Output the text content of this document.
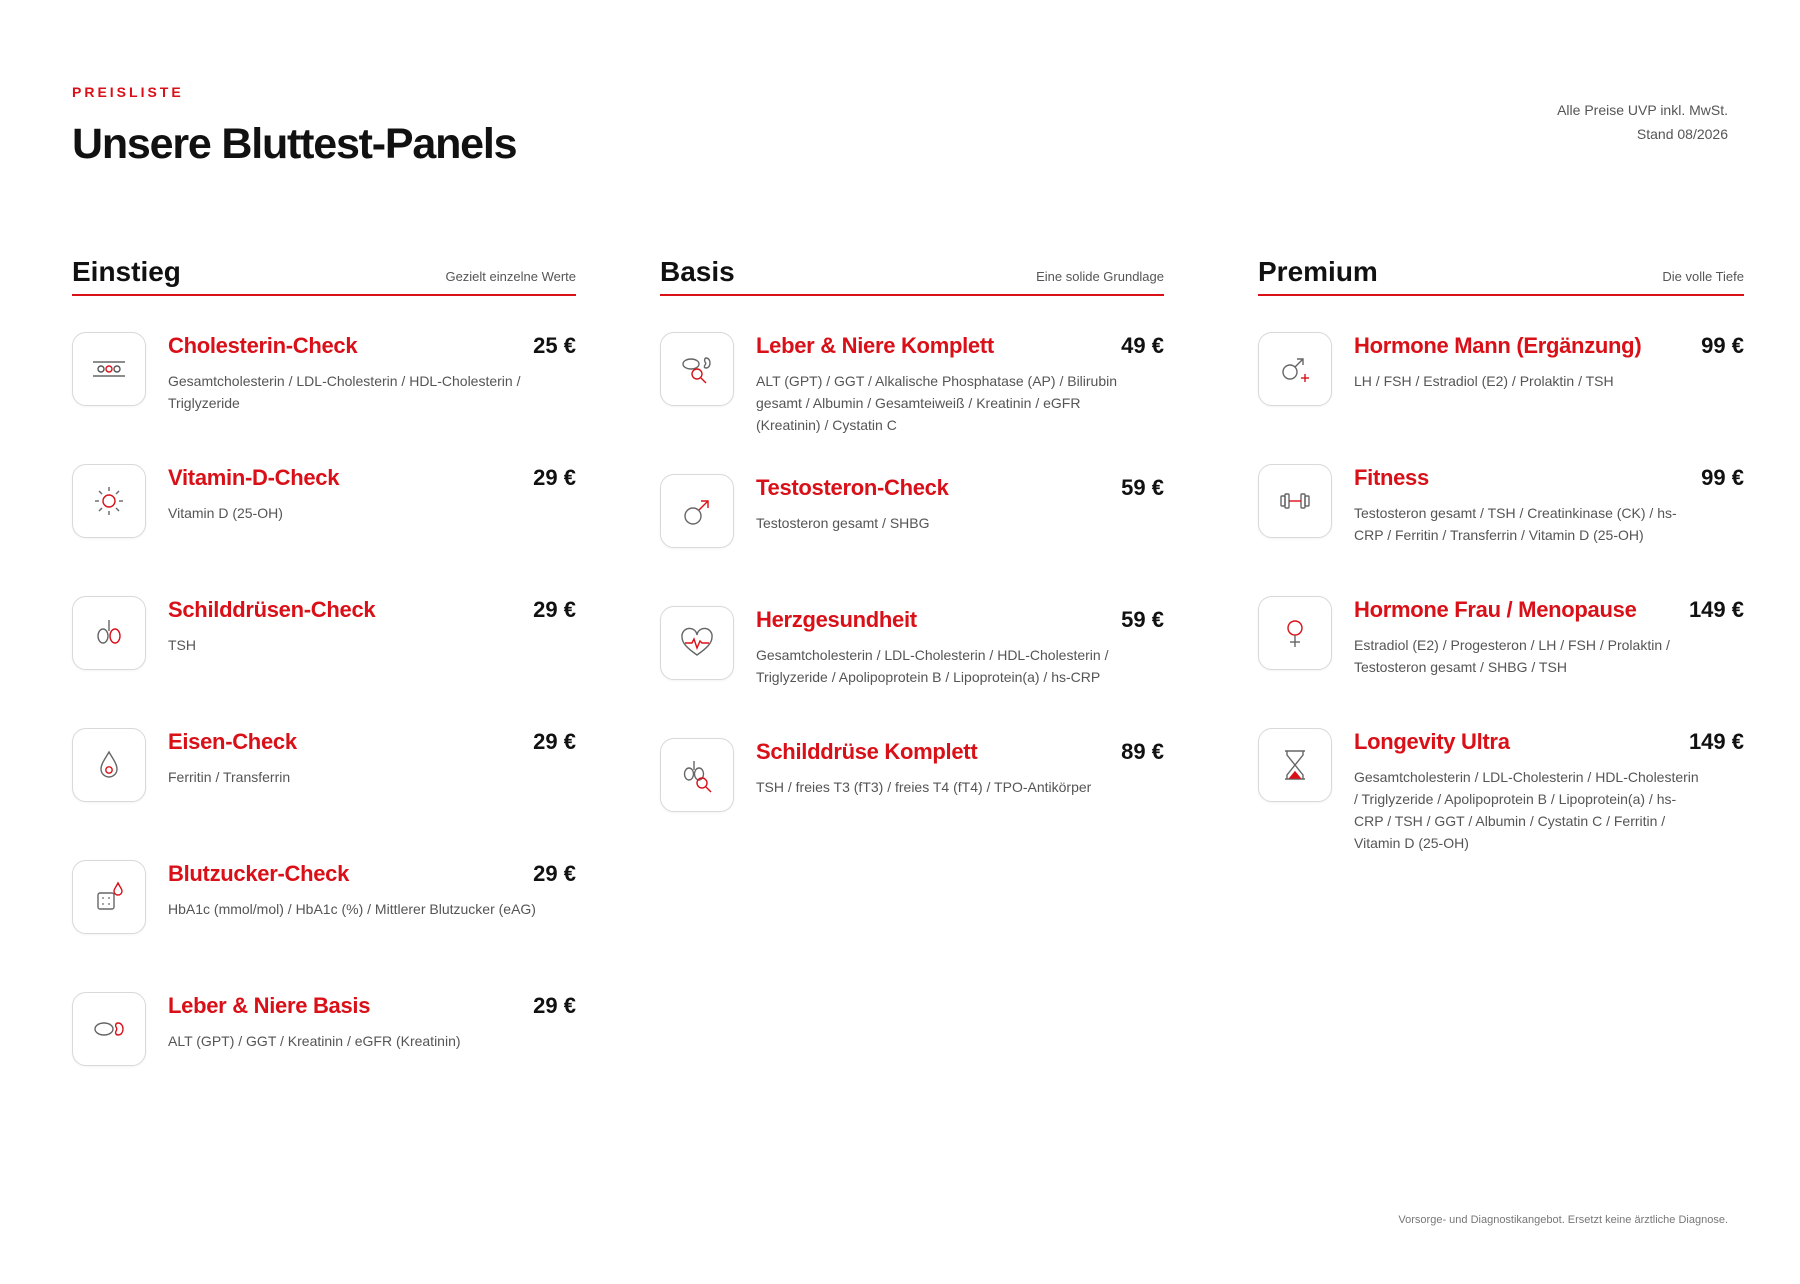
PREISLISTE
Unsere Bluttest-Panels
Alle Preise UVP inkl. MwSt.
Stand 08/2026
Einstieg	Gezielt einzelne Werte
Cholesterin-Check	25 €
Gesamtcholesterin / LDL-Cholesterin / HDL-Cholesterin / Triglyzeride
Vitamin-D-Check	29 €
Vitamin D (25-OH)
Schilddrüsen-Check	29 €
TSH
Eisen-Check	29 €
Ferritin / Transferrin
Blutzucker-Check	29 €
HbA1c (mmol/mol) / HbA1c (%) / Mittlerer Blutzucker (eAG)
Leber & Niere Basis	29 €
ALT (GPT) / GGT / Kreatinin / eGFR (Kreatinin)
Basis	Eine solide Grundlage
Leber & Niere Komplett	49 €
ALT (GPT) / GGT / Alkalische Phosphatase (AP) / Bilirubin gesamt / Albumin / Gesamteiweiß / Kreatinin / eGFR (Kreatinin) / Cystatin C
Testosteron-Check	59 €
Testosteron gesamt / SHBG
Herzgesundheit	59 €
Gesamtcholesterin / LDL-Cholesterin / HDL-Cholesterin / Triglyzeride / Apolipoprotein B / Lipoprotein(a) / hs-CRP
Schilddrüse Komplett	89 €
TSH / freies T3 (fT3) / freies T4 (fT4) / TPO-Antikörper
Premium	Die volle Tiefe
Hormone Mann (Ergänzung)	99 €
LH / FSH / Estradiol (E2) / Prolaktin / TSH
Fitness	99 €
Testosteron gesamt / TSH / Creatinkinase (CK) / hs-CRP / Ferritin / Transferrin / Vitamin D (25-OH)
Hormone Frau / Menopause 149 €
Estradiol (E2) / Progesteron / LH / FSH / Prolaktin / Testosteron gesamt / SHBG / TSH
Longevity Ultra	149 €
Gesamtcholesterin / LDL-Cholesterin / HDL-Cholesterin / Triglyzeride / Apolipoprotein B / Lipoprotein(a) / hs-CRP / TSH / GGT / Albumin / Cystatin C / Ferritin / Vitamin D (25-OH)
Vorsorge- und Diagnostikangebot. Ersetzt keine ärztliche Diagnose.
